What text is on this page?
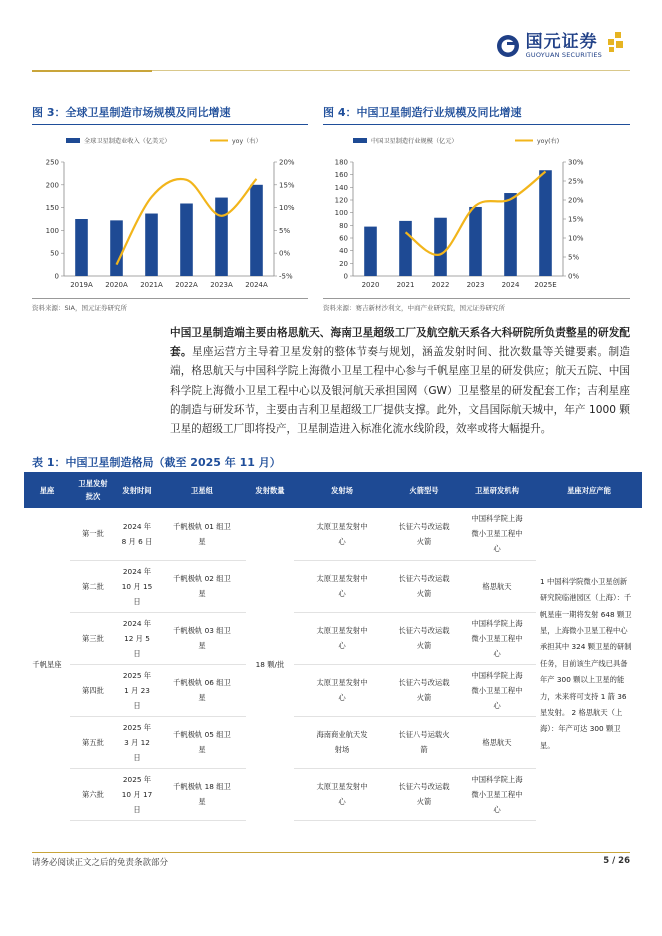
国元证券
GUOYUAN SECURITIES
图 3：全球卫星制造市场规模及同比增速
全球卫星制造业收入（亿美元）	yoy（右）
0
50
100
150
200
250
-5%
0%
5%
10%
15%
20%
2019A 2020A 2021A 2022A 2023A 2024A
资料来源：SIA，国元证券研究所
图 4：中国卫星制造行业规模及同比增速
中国卫星制造行业规模（亿元）	yoy(右)
0
20
40
60
80
100
120
140
160
180
0%
5%
10%
15%
20%
25%
30%
2020 2021 2022 2023 2024 2025E
资料来源：赛吉新材沙利文，中商产业研究院，国元证券研究所
中国卫星制造端主要由格思航天、海南卫星超级工厂及航空航天系各大科研院所负责整星的研发配套。星座运营方主导着卫星发射的整体节奏与规划，涵盖发射时间、批次数量等关键要素。制造端，格思航天与中国科学院上海微小卫星工程中心参与千帆星座卫星的研发供应；航天五院、中国科学院上海微小卫星工程中心以及银河航天承担国网（GW）卫星整星的研发配套工作；吉利星座的制造与研发环节，主要由吉利卫星超级工厂提供支撑。此外，文昌国际航天城中，年产 1000 颗卫星的超级工厂即将投产，卫星制造进入标准化流水线阶段，效率或将大幅提升。
表 1：中国卫星制造格局（截至 2025 年 11 月）
星座	卫星发射批次	发射时间	卫星组	发射数量	发射场	火箭型号	卫星研发机构	星座对应产能
千帆星座	第一批	2024 年 8 月 6 日	千帆极轨 01 组卫星	18 颗/批	太原卫星发射中心	长征六号改运载火箭	中国科学院上海微小卫星工程中心	1 中国科学院微小卫星创新研究院临港园区（上海）：千帆星座一期将发射 648 颗卫星，上海微小卫星工程中心承担其中 324 颗卫星的研制任务，目前该生产线已具备年产 300 颗以上卫星的能力，未来将可支持 1 箭 36 星发射。 2 格思航天（上海）：年产可达 300 颗卫星。

	第二批	2024 年 10 月 15 日	千帆极轨 02 组卫星		太原卫星发射中心	长征六号改运载火箭	格思航天	

	第三批	2024 年 12 月 5 日	千帆极轨 03 组卫星		太原卫星发射中心	长征六号改运载火箭	中国科学院上海微小卫星工程中心	

	第四批	2025 年 1 月 23 日	千帆极轨 06 组卫星		太原卫星发射中心	长征六号改运载火箭	中国科学院上海微小卫星工程中心	

	第五批	2025 年 3 月 12 日	千帆极轨 05 组卫星		海南商业航天发射场	长征八号运载火箭	格思航天	

	第六批	2025 年 10 月 17 日	千帆极轨 18 组卫星		太原卫星发射中心	长征六号改运载火箭	中国科学院上海微小卫星工程中心	
请务必阅读正文之后的免责条款部分	5 / 26
